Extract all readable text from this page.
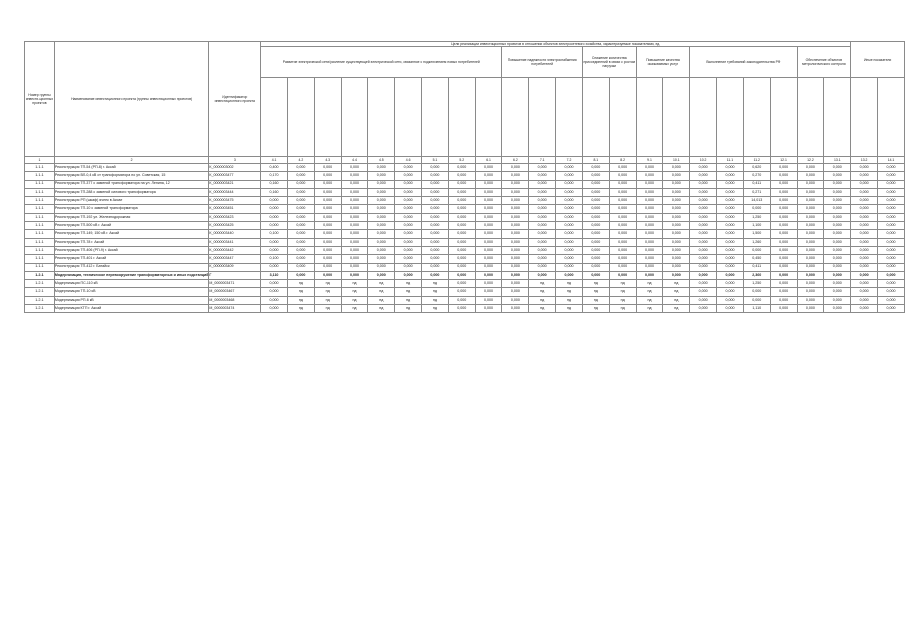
Номер группы инвести-ционных проектов	Наименование инвестиционного проекта (группы инвестиционных проектов)	Идентификатор инвестиционного проекта	Цели реализации инвестиционных проектов в отношении объектов электросетевого хозяйства, характеризуемые показателями, ед.																						Иные показатели	
			Развитие электрической сети/усиление существующей электрической сети, связанное с подключением новых потребителей									Повышение надежности электроснабжения потребителей			Снижение количества присоединений в связи с ростом нагрузки		Повышение качества оказываемых услуг		Выполнение требований законодательства РФ				Обеспечение объектов метрологического контроля			

1	2	3	4.1	4.2	4.3	4.4	4.5	4.6	5.1	5.2	6.1	6.2	7.1	7.2	8.1	8.2	9.1	10.1	10.2	11.1	11.2	12.1	12.2	13.1	13.2	14.1
1.1.1	Реконструкция ТП-54 (РП-8) г. Аксай	К_0000003002	0,400	0,000	0,000	0,000	0,000	0,000	0,000	0,000	0,000	0,000	0,000	0,000	0,000	0,000	0,000	0,000	0,000	0,000	0,620	0,000	0,000	0,000	0,000	0,000
1.1.1	Реконструкция ВЛ-0,4 кВ от трансформатора по ул. Советская, 15	К_0000003477	0,170	0,000	0,000	0,000	0,000	0,000	0,000	0,000	0,000	0,000	0,000	0,000	0,000	0,000	0,000	0,000	0,000	0,000	0,270	0,000	0,000	0,000	0,000	0,000
1.1.1	Реконструкция ТП-377 с заменой трансформатора на ул. Ленина, 12	К_0000003421	0,160	0,000	0,000	0,000	0,000	0,000	0,000	0,000	0,000	0,000	0,000	0,000	0,000	0,000	0,000	0,000	0,000	0,000	0,411	0,000	0,000	0,000	0,000	0,000
1.1.1	Реконструкция ТП-288 с заменой силового трансформатора	К_0000003444	0,160	0,000	0,000	0,000	0,000	0,000	0,000	0,000	0,000	0,000	0,000	0,000	0,000	0,000	0,000	0,000	0,000	0,000	0,271	0,000	0,000	0,000	0,000	0,000
1.1.1	Реконструкция РП (шкаф) ячеек в Аксае	К_0000003475	0,000	0,000	0,000	0,000	0,000	0,000	0,000	0,000	0,000	0,000	0,000	0,000	0,000	0,000	0,000	0,000	0,000	0,000	14,013	0,000	0,000	0,000	0,000	0,000
1.1.1	Реконструкция ТП-10 с заменой трансформатора	К_0000003451	0,000	0,000	0,000	0,000	0,000	0,000	0,000	0,000	0,000	0,000	0,000	0,000	0,000	0,000	0,000	0,000	0,000	0,000	0,000	0,000	0,000	0,000	0,000	0,000
1.1.1	Реконструкция ТП-192 ул. Железнодорожная	К_0000003423	0,000	0,000	0,000	0,000	0,000	0,000	0,000	0,000	0,000	0,000	0,000	0,000	0,000	0,000	0,000	0,000	0,000	0,000	1,250	0,000	0,000	0,000	0,000	0,000
1.1.1	Реконструкция ТП-500 кВ г. Аксай	К_0000003425	0,000	0,000	0,000	0,000	0,000	0,000	0,000	0,000	0,000	0,000	0,000	0,000	0,000	0,000	0,000	0,000	0,000	0,000	1,100	0,000	0,000	0,000	0,000	0,000
1.1.1	Реконструкция ТП-149, 150 кВ г. Аксай	К_0000003440	0,100	0,000	0,000	0,000	0,000	0,000	0,000	0,000	0,000	0,000	0,000	0,000	0,000	0,000	0,000	0,000	0,000	0,000	1,500	0,000	0,000	0,000	0,000	0,000
1.1.1	Реконструкция ТП-78 г. Аксай	К_0000003441	0,000	0,000	0,000	0,000	0,000	0,000	0,000	0,000	0,000	0,000	0,000	0,000	0,000	0,000	0,000	0,000	0,000	0,000	1,260	0,000	0,000	0,000	0,000	0,000
1.1.1	Реконструкция ТП-406 (РП-9) г. Аксай	К_0000003442	0,000	0,000	0,000	0,000	0,000	0,000	0,000	0,000	0,000	0,000	0,000	0,000	0,000	0,000	0,000	0,000	0,000	0,000	0,000	0,000	0,000	0,000	0,000	0,000
1.1.1	Реконструкция ТП-401 г. Аксай	К_0000003447	0,100	0,000	0,000	0,000	0,000	0,000	0,000	0,000	0,000	0,000	0,000	0,000	0,000	0,000	0,000	0,000	0,000	0,000	0,450	0,000	0,000	0,000	0,000	0,000
1.1.1	Реконструкция ТП-412 г. Батайск	К_0000003409	0,000	0,000	0,000	0,000	0,000	0,000	0,000	0,000	0,000	0,000	0,000	0,000	0,000	0,000	0,000	0,000	0,000	0,000	0,411	0,000	0,000	0,000	0,000	0,000
1.2.1	Модернизация, техническое перевооружение трансформаторных и иных подстанций	Г	3,110	0,000	0,000	0,000	0,000	0,000	0,000	0,000	0,000	0,000	0,000	0,000	0,000	0,000	0,000	0,000	0,000	0,000	2,360	0,000	0,000	0,000	0,000	0,000
1.2.1	Модернизация ПС-110 кВ	М_0000003471	0,000	нд	нд	нд	нд	нд	нд	0,000	0,000	0,000	нд	нд	нд	нд	нд	нд	0,000	0,000	1,250	0,000	0,000	0,000	0,000	0,000
1.2.1	Модернизация ТП-10 кВ	М_0000003467	0,000	нд	нд	нд	нд	нд	нд	0,000	0,000	0,000	нд	нд	нд	нд	нд	нд	0,000	0,000	0,000	0,000	0,000	0,000	0,000	0,000
1.2.1	Модернизация РП-6 кВ	М_0000003468	0,000	нд	нд	нд	нд	нд	нд	0,000	0,000	0,000	нд	нд	нд	нд	нд	нд	0,000	0,000	0,000	0,000	0,000	0,000	0,000	0,000
1.2.1	Модернизация КТП г. Аксай	М_0000003474	0,000	нд	нд	нд	нд	нд	нд	0,000	0,000	0,000	нд	нд	нд	нд	нд	нд	0,000	0,000	1,110	0,000	0,000	0,000	0,000	0,000
